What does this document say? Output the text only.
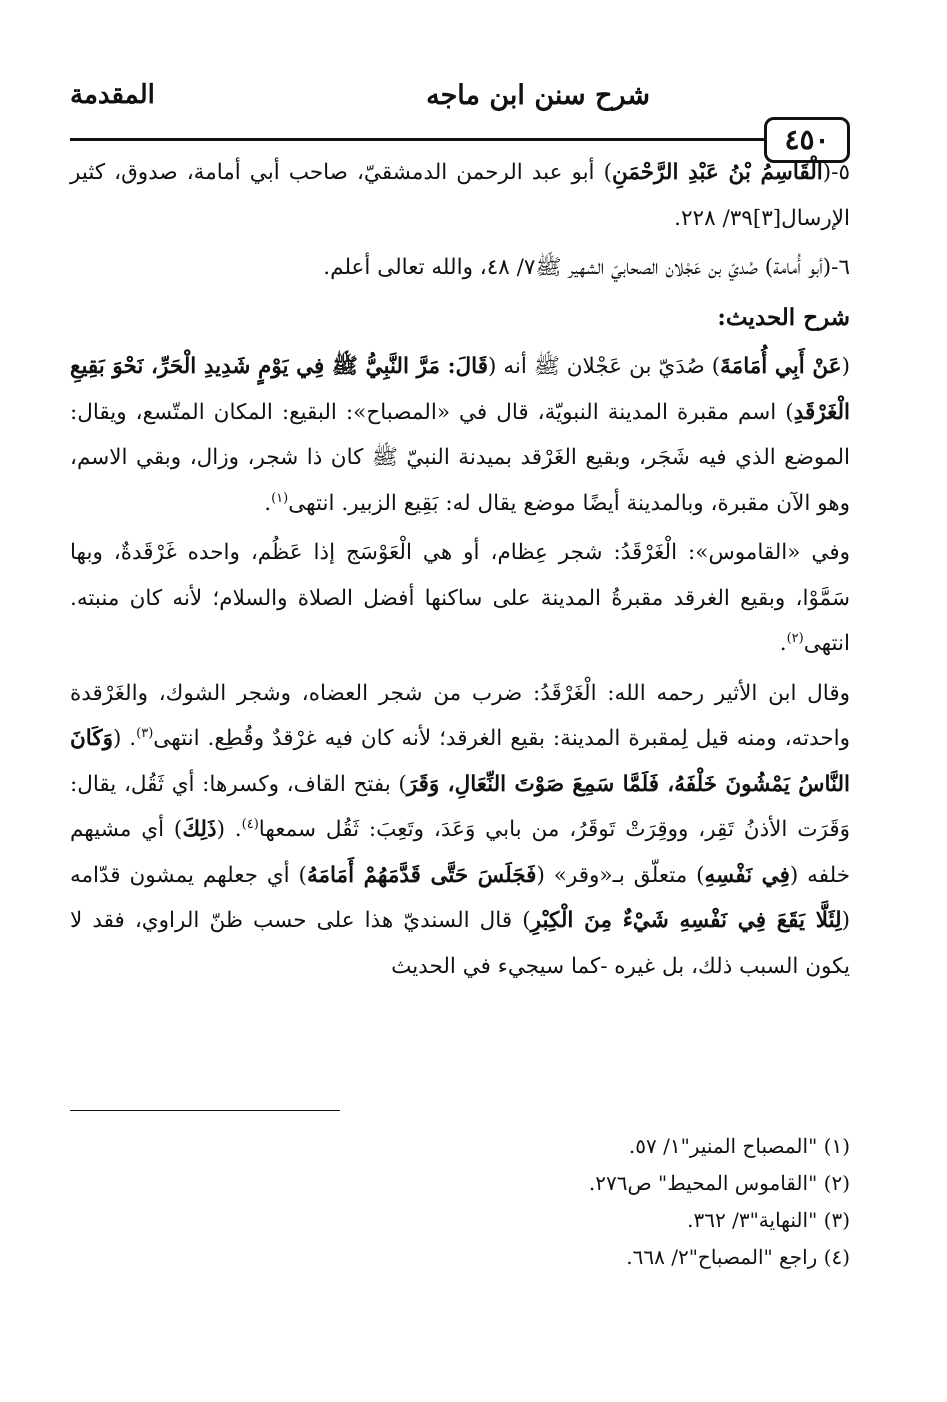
شرح سنن ابن ماجه
المقدمة
٤٥٠

٥-(الْقَاسِمُ بْنُ عَبْدِ الرَّحْمَنِ) أبو عبد الرحمن الدمشقيّ، صاحب أبي أمامة، صدوق، كثير الإرسال[٣]٣٩/ ٢٢٨.

٦-(أبو أُمامة) صُديّ بن عَجْلان الصحابيّ الشهير ﷺ٧/ ٤٨، والله تعالى أعلم.

شرح الحديث:

(عَنْ أَبِي أُمَامَةَ) صُدَيّ بن عَجْلان ﷺ أنه (قَالَ: مَرَّ النَّبِيُّ ﷺ فِي يَوْمٍ شَدِيدِ الْحَرِّ، نَحْوَ بَقِيعِ الْغَرْقَدِ) اسم مقبرة المدينة النبويّة، قال في «المصباح»: البقيع: المكان المتّسع، ويقال: الموضع الذي فيه شَجَر، وبقيع الغَرْقد بميدنة النبيّ ﷺ كان ذا شجر، وزال، وبقي الاسم، وهو الآن مقبرة، وبالمدينة أيضًا موضع يقال له: بَقِيع الزبير. انتهى$^{(١)}$.

وفي «القاموس»: الْغَرْقَدُ: شجر عِظام، أو هي الْعَوْسَج إذا عَظُم، واحده غَرْقَدةٌ، وبها سَمَّوْا، وبقيع الغرقد مقبرةُ المدينة على ساكنها أفضل الصلاة والسلام؛ لأنه كان منبته. انتهى$^{(٢)}$.

وقال ابن الأثير رحمه الله: الْغَرْقَدُ: ضرب من شجر العضاه، وشجر الشوك، والغَرْقدة واحدته، ومنه قيل لِمقبرة المدينة: بقيع الغرقد؛ لأنه كان فيه غرْقدٌ وقُطِع. انتهى$^{(٣)}$. (وَكَانَ النَّاسُ يَمْشُونَ خَلْفَهُ، فَلَمَّا سَمِعَ صَوْتَ النِّعَالِ، وَقَرَ) بفتح القاف، وكسرها: أي ثَقُل، يقال: وَقَرَت الأذنُ تَقِر، ووقِرَتْ تَوقَرُ، من بابي وَعَدَ، وتَعِبَ: ثَقُل سمعها$^{(٤)}$. (ذَلِكَ) أي مشيهم خلفه (فِي نَفْسِهِ) متعلّق بـ«وقر» (فَجَلَسَ حَتَّى قَدَّمَهُمْ أَمَامَهُ) أي جعلهم يمشون قدّامه (لِئَلَّا يَقَعَ فِي نَفْسِهِ شَيْءٌ مِنَ الْكِبْرِ) قال السنديّ هذا على حسب ظنّ الراوي، فقد لا يكون السبب ذلك، بل غيره -كما سيجيء في الحديث

(١) "المصباح المنير"١/ ٥٧.
(٢) "القاموس المحيط" ص٢٧٦.
(٣) "النهاية"٣/ ٣٦٢.
(٤) راجع "المصباح"٢/ ٦٦٨.
